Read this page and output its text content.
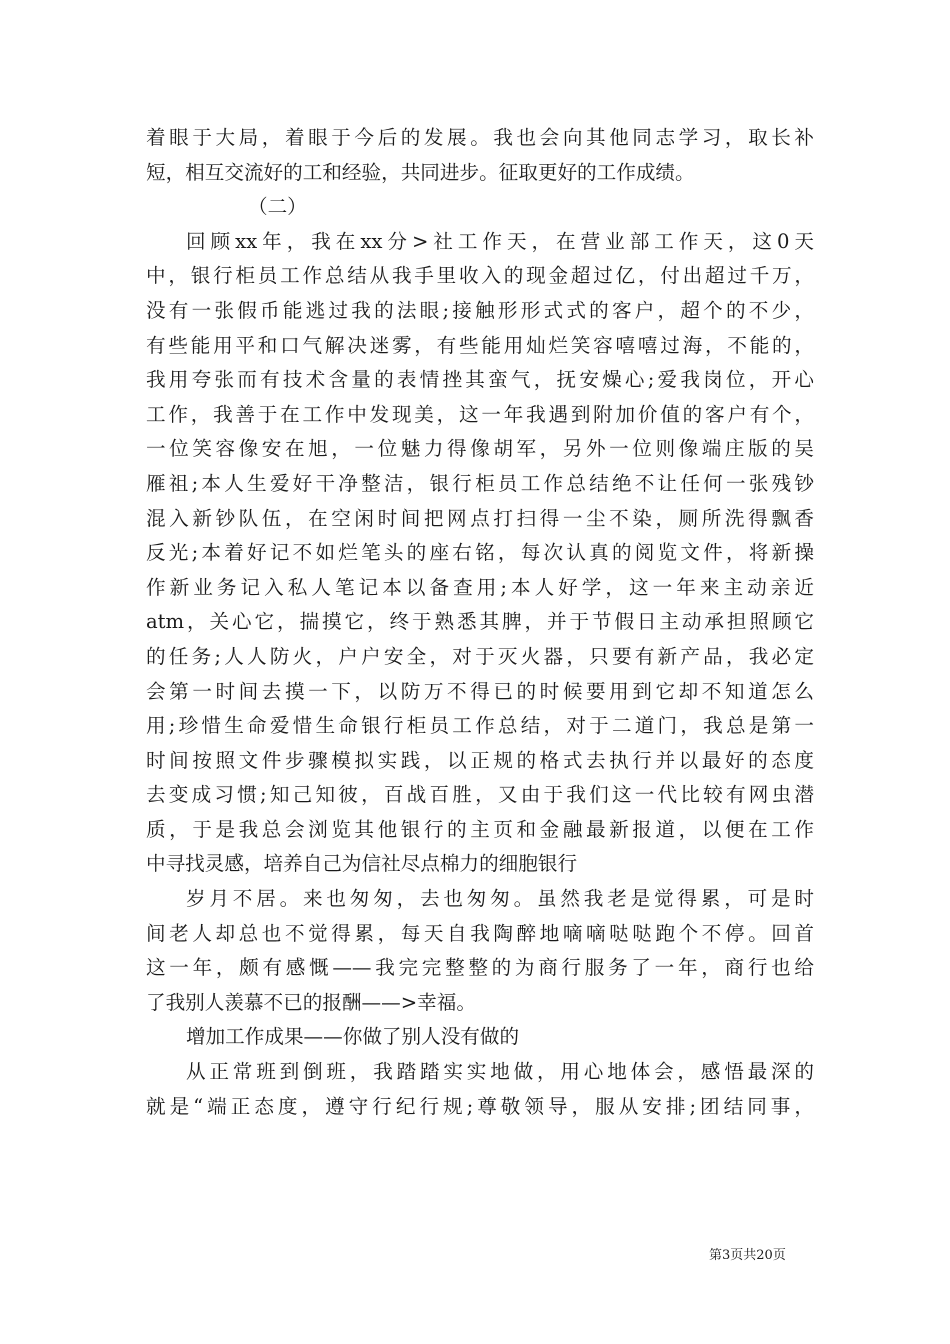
着眼于大局，着眼于今后的发展。我也会向其他同志学习，取长补
短，相互交流好的工和经验，共同进步。征取更好的工作成绩。
（二）
回顾xx年，我在xx分>社工作天，在营业部工作天，这0天
中，银行柜员工作总结从我手里收入的现金超过亿，付出超过千万，
没有一张假币能逃过我的法眼;接触形形式式的客户，超个的不少，
有些能用平和口气解决迷雾，有些能用灿烂笑容嘻嘻过海，不能的，
我用夸张而有技术含量的表情挫其蛮气，抚安燥心;爱我岗位，开心
工作，我善于在工作中发现美，这一年我遇到附加价值的客户有个，
一位笑容像安在旭，一位魅力得像胡军，另外一位则像端庄版的吴
雁祖;本人生爱好干净整洁，银行柜员工作总结绝不让任何一张残钞
混入新钞队伍，在空闲时间把网点打扫得一尘不染，厕所洗得飘香
反光;本着好记不如烂笔头的座右铭，每次认真的阅览文件，将新操
作新业务记入私人笔记本以备查用;本人好学，这一年来主动亲近
atm，关心它，揣摸它，终于熟悉其脾，并于节假日主动承担照顾它
的任务;人人防火，户户安全，对于灭火器，只要有新产品，我必定
会第一时间去摸一下，以防万不得已的时候要用到它却不知道怎么
用;珍惜生命爱惜生命银行柜员工作总结，对于二道门，我总是第一
时间按照文件步骤模拟实践，以正规的格式去执行并以最好的态度
去变成习惯;知己知彼，百战百胜，又由于我们这一代比较有网虫潜
质，于是我总会浏览其他银行的主页和金融最新报道，以便在工作
中寻找灵感，培养自己为信社尽点棉力的细胞银行
岁月不居。来也匆匆，去也匆匆。虽然我老是觉得累，可是时
间老人却总也不觉得累，每天自我陶醉地嘀嘀哒哒跑个不停。回首
这一年，颇有感慨——我完完整整的为商行服务了一年，商行也给
了我别人羡慕不已的报酬——>幸福。
增加工作成果——你做了别人没有做的
从正常班到倒班，我踏踏实实地做，用心地体会，感悟最深的
就是“端正态度，遵守行纪行规;尊敬领导，服从安排;团结同事，
第3页共20页
